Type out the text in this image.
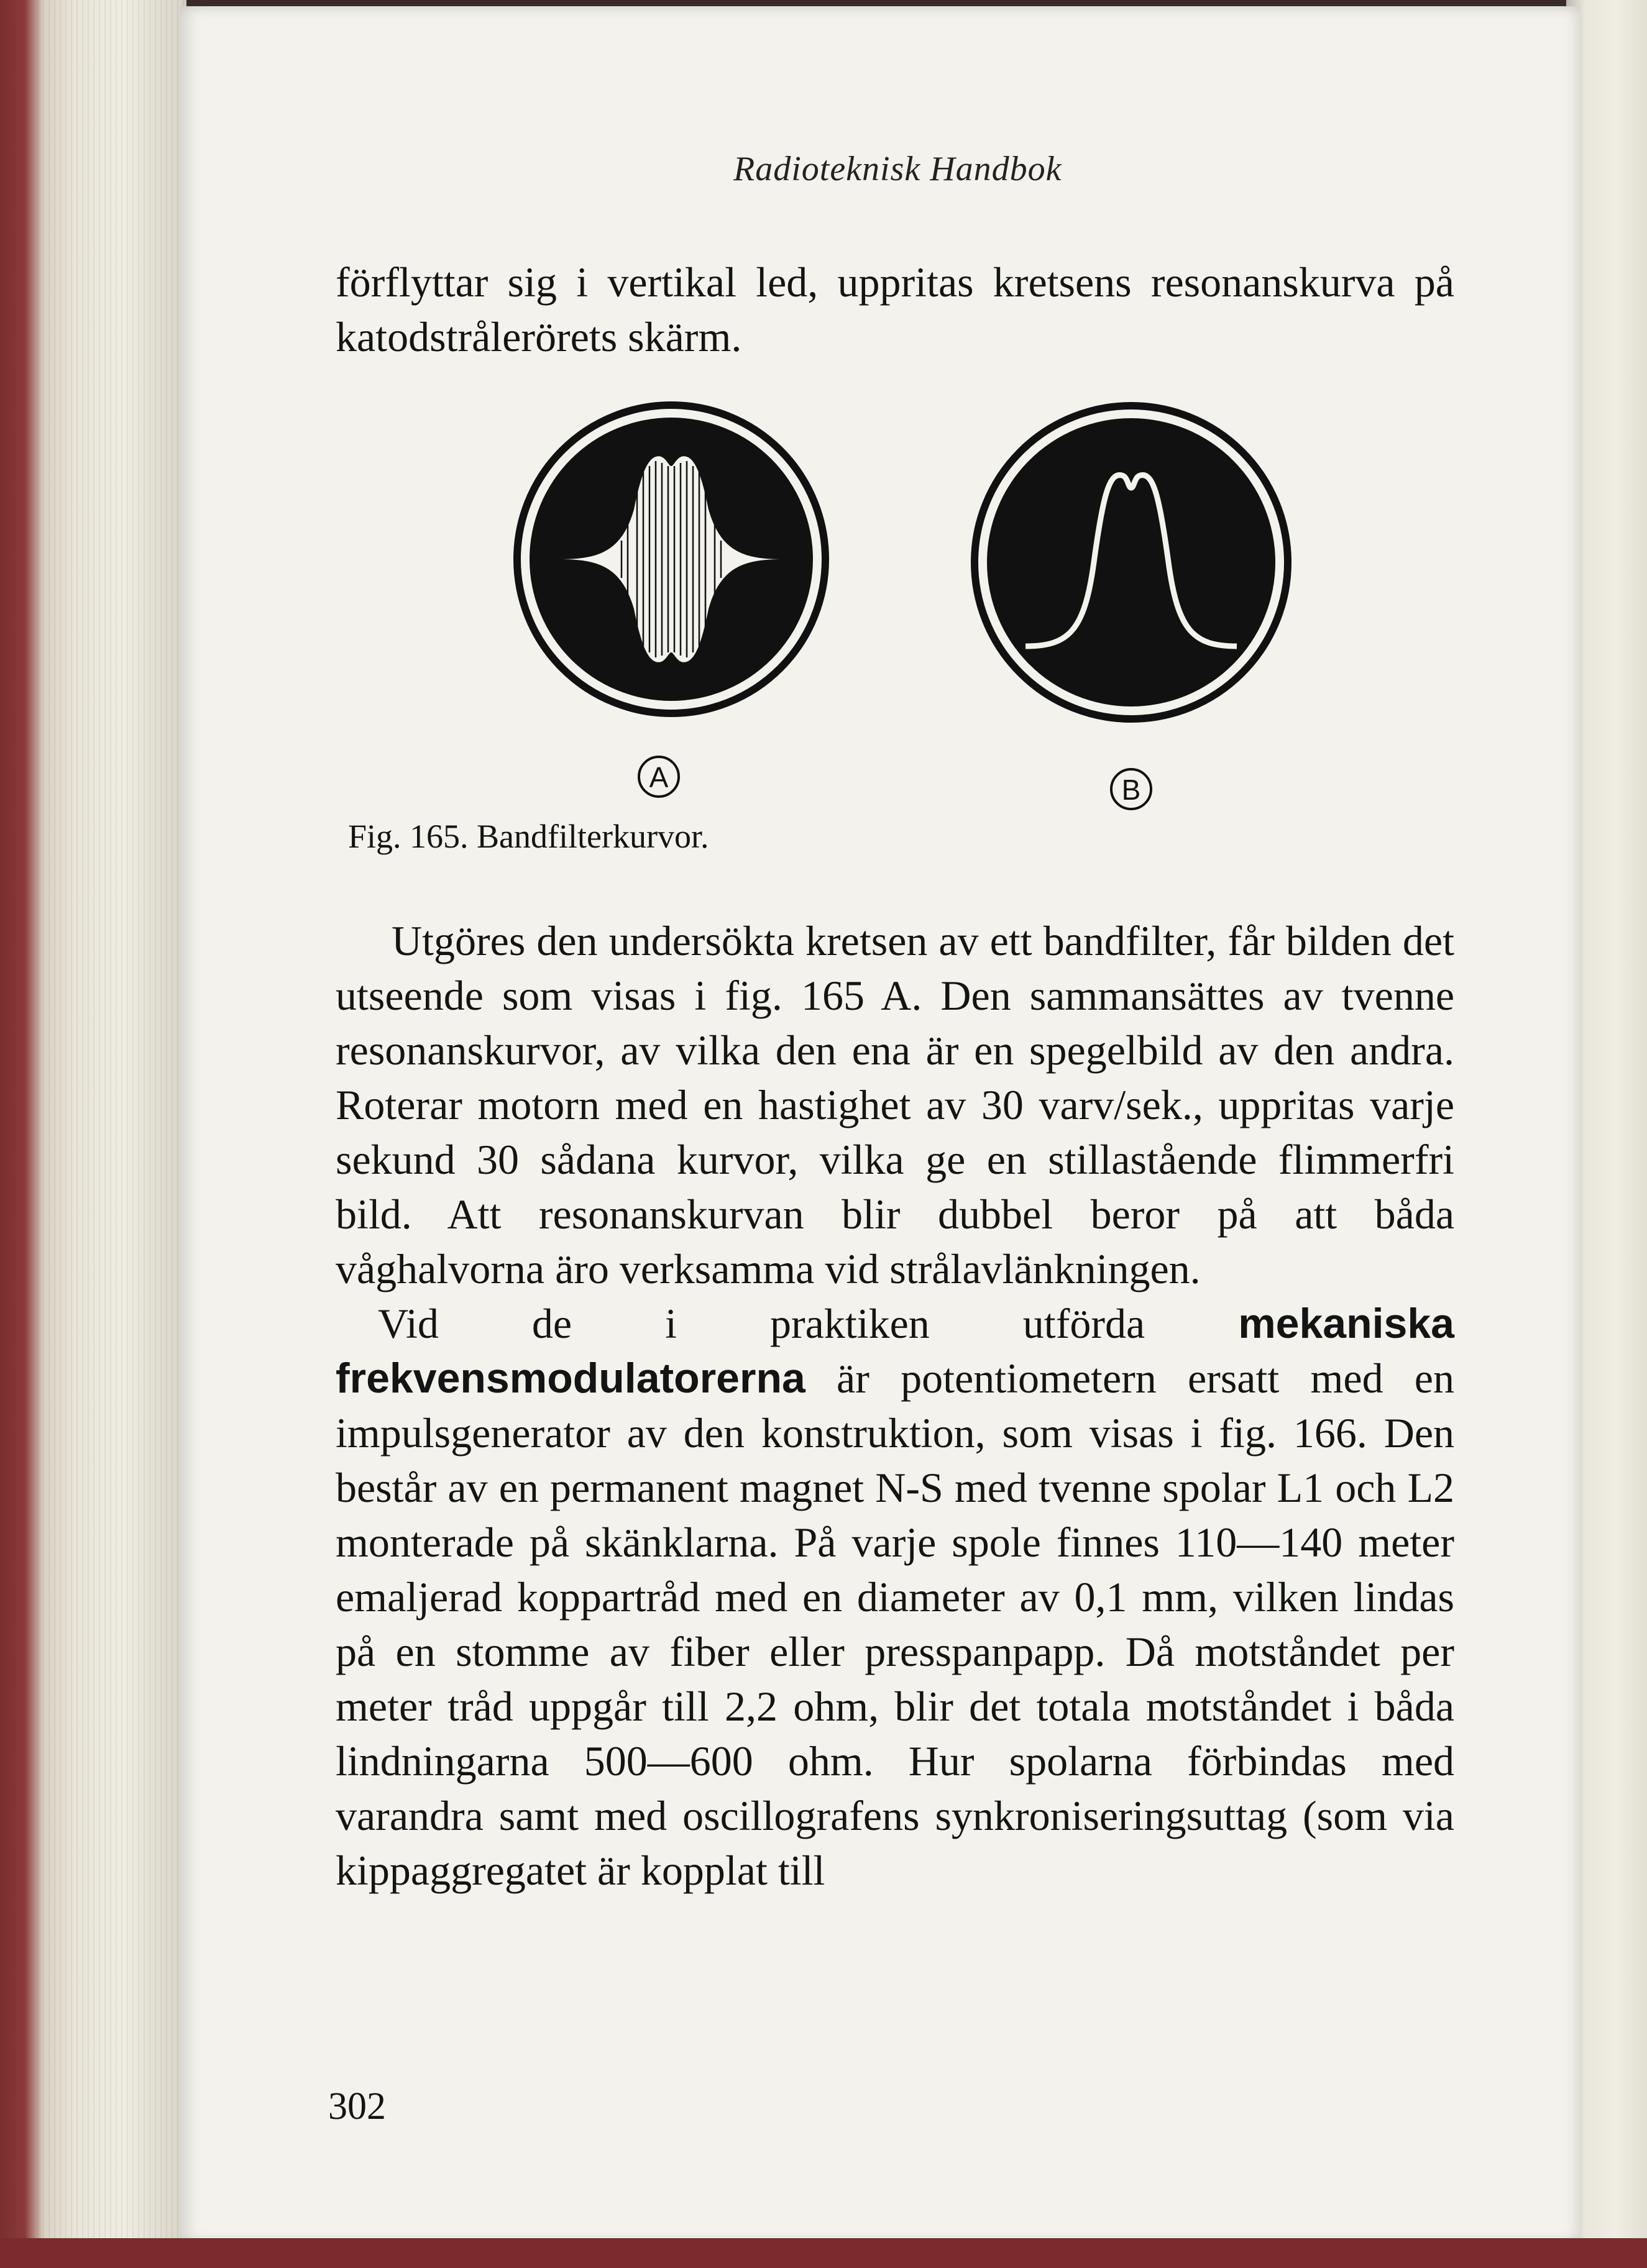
Radioteknisk Handbok

förflyttar sig i vertikal led, uppritas kretsens resonanskurva på katodstrålerörets skärm.

A	B
Fig. 165. Bandfilterkurvor.

Utgöres den undersökta kretsen av ett bandfilter, får bilden det utseende som visas i fig. 165 A. Den sammansättes av tvenne resonanskurvor, av vilka den ena är en spegelbild av den andra. Roterar motorn med en hastighet av 30 varv/sek., uppritas varje sekund 30 sådana kurvor, vilka ge en stillastående flimmerfri bild. Att resonanskurvan blir dubbel beror på att båda våghalvorna äro verksamma vid strålavlänkningen.

Vid de i praktiken utförda mekaniska frekvensmodulatorerna är potentiometern ersatt med en impulsgenerator av den konstruktion, som visas i fig. 166. Den består av en permanent magnet N-S med tvenne spolar L1 och L2 monterade på skänklarna. På varje spole finnes 110—140 meter emaljerad koppartråd med en diameter av 0,1 mm, vilken lindas på en stomme av fiber eller presspanpapp. Då motståndet per meter tråd uppgår till 2,2 ohm, blir det totala motståndet i båda lindningarna 500—600 ohm. Hur spolarna förbindas med varandra samt med oscillografens synkroniseringsuttag (som via kippaggregatet är kopplat till

302
